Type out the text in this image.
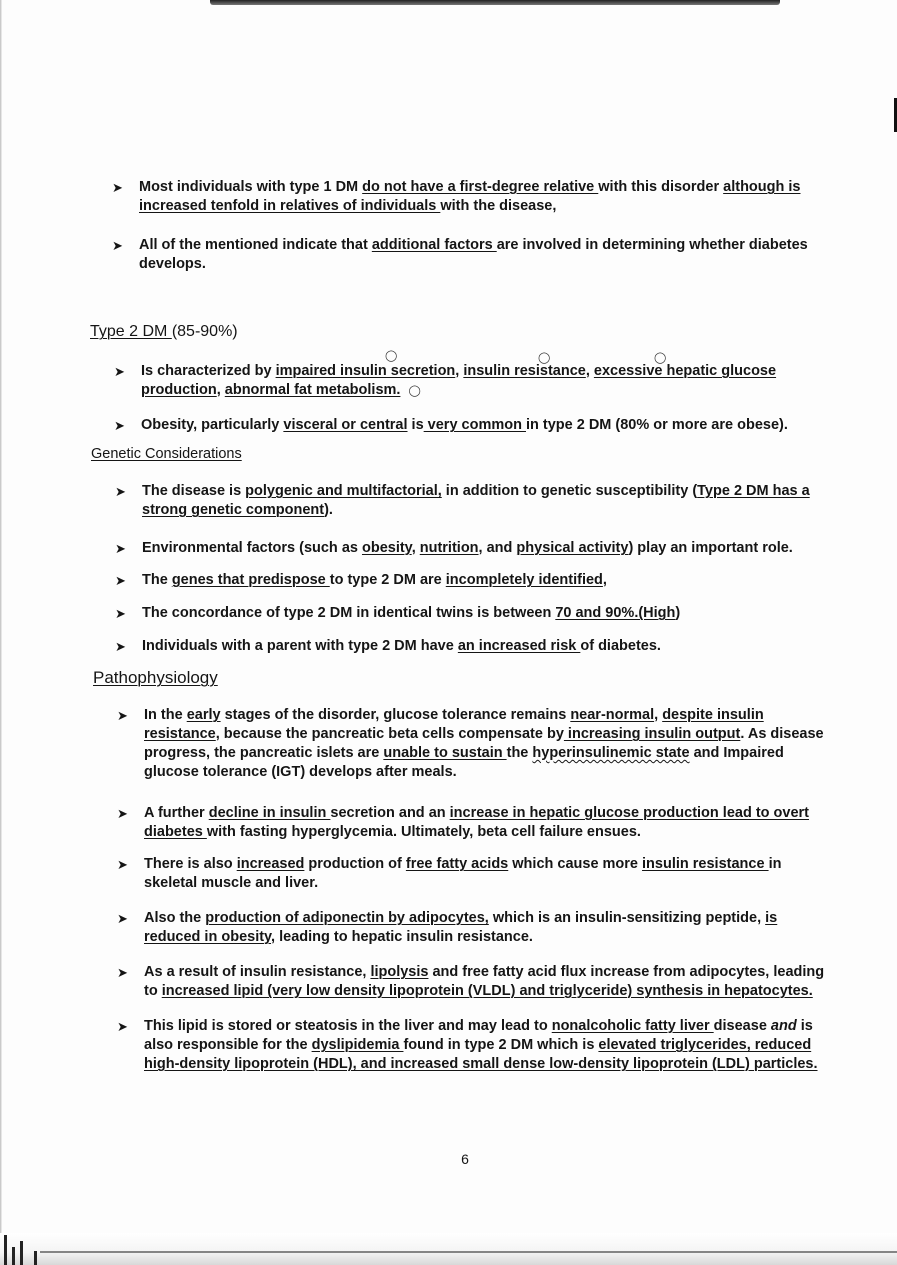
➤ Most individuals with type 1 DM do not have a first-degree relative with this disorder although is increased tenfold in relatives of individuals with the disease,
➤ All of the mentioned indicate that additional factors are involved in determining whether diabetes develops.
Type 2 DM (85-90%)
◯	◯	◯
➤ Is characterized by impaired insulin secretion, insulin resistance, excessive hepatic glucose production, abnormal fat metabolism. ◯
➤ Obesity, particularly visceral or central is very common in type 2 DM (80% or more are obese).
Genetic Considerations
➤ The disease is polygenic and multifactorial, in addition to genetic susceptibility (Type 2 DM has a strong genetic component).
➤ Environmental factors (such as obesity, nutrition, and physical activity) play an important role.
➤ The genes that predispose to type 2 DM are incompletely identified,
➤ The concordance of type 2 DM in identical twins is between 70 and 90%.(High)
➤ Individuals with a parent with type 2 DM have an increased risk of diabetes.
Pathophysiology
➤ In the early stages of the disorder, glucose tolerance remains near-normal, despite insulin resistance, because the pancreatic beta cells compensate by increasing insulin output. As disease progress, the pancreatic islets are unable to sustain the hyperinsulinemic state and Impaired glucose tolerance (IGT) develops after meals.
➤ A further decline in insulin secretion and an increase in hepatic glucose production lead to overt diabetes with fasting hyperglycemia. Ultimately, beta cell failure ensues.
➤ There is also increased production of free fatty acids which cause more insulin resistance in skeletal muscle and liver.
➤ Also the production of adiponectin by adipocytes, which is an insulin-sensitizing peptide, is reduced in obesity, leading to hepatic insulin resistance.
➤ As a result of insulin resistance, lipolysis and free fatty acid flux increase from adipocytes, leading to increased lipid (very low density lipoprotein (VLDL) and triglyceride) synthesis in hepatocytes.
➤ This lipid is stored or steatosis in the liver and may lead to nonalcoholic fatty liver disease and is also responsible for the dyslipidemia found in type 2 DM which is elevated triglycerides, reduced high-density lipoprotein (HDL), and increased small dense low-density lipoprotein (LDL) particles.
6
